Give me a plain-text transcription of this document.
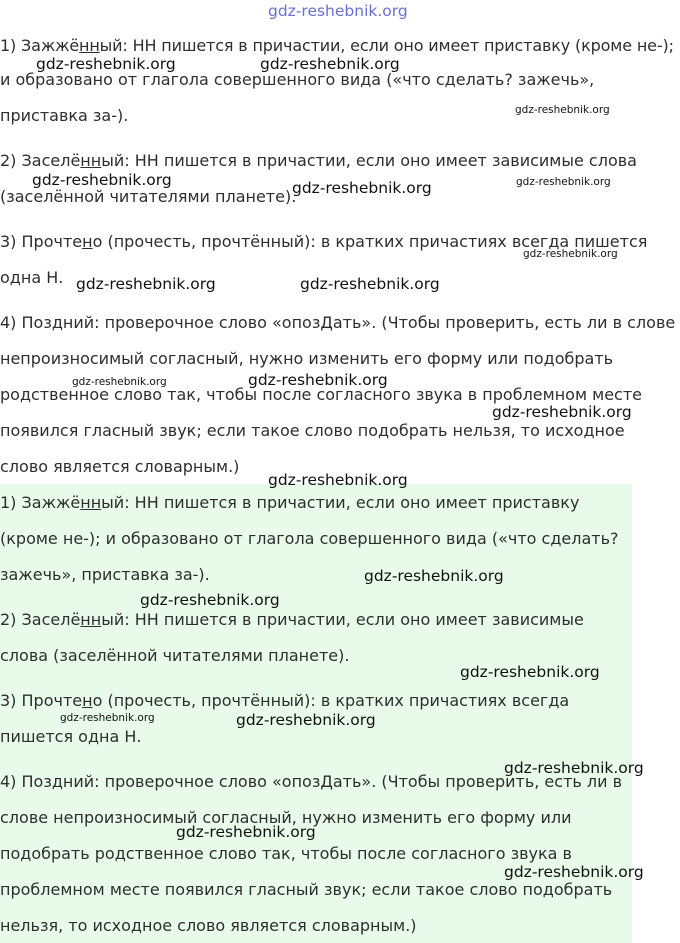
1) Зажжённый: НН пишется в причастии, если оно имеет приставку (кроме не-);

и образовано от глагола совершенного вида («что сделать? зажечь»,

приставка за-).

2) Заселённый: НН пишется в причастии, если оно имеет зависимые слова

(заселённой читателями планете).

3) Прочтено (прочесть, прочтённый): в кратких причастиях всегда пишется

одна Н.

4) Поздний: проверочное слово «опозДать». (Чтобы проверить, есть ли в слове

непроизносимый согласный, нужно изменить его форму или подобрать

родственное слово так, чтобы после согласного звука в проблемном месте

появился гласный звук; если такое слово подобрать нельзя, то исходное

слово является словарным.)

1) Зажжённый: НН пишется в причастии, если оно имеет приставку

(кроме не-); и образовано от глагола совершенного вида («что сделать?

зажечь», приставка за-).

2) Заселённый: НН пишется в причастии, если оно имеет зависимые

слова (заселённой читателями планете).

3) Прочтено (прочесть, прочтённый): в кратких причастиях всегда

пишется одна Н.

4) Поздний: проверочное слово «опозДать». (Чтобы проверить, есть ли в

слове непроизносимый согласный, нужно изменить его форму или

подобрать родственное слово так, чтобы после согласного звука в

проблемном месте появился гласный звук; если такое слово подобрать

нельзя, то исходное слово является словарным.)

gdz-reshebnik.org
gdz-reshebnik.org	gdz-reshebnik.org
gdz-reshebnik.org
gdz-reshebnik.org	gdz-reshebnik.org	gdz-reshebnik.org
gdz-reshebnik.org
gdz-reshebnik.org	gdz-reshebnik.org
gdz-reshebnik.org	gdz-reshebnik.org
gdz-reshebnik.org
gdz-reshebnik.org
gdz-reshebnik.org
gdz-reshebnik.org
gdz-reshebnik.org
gdz-reshebnik.org	gdz-reshebnik.org
gdz-reshebnik.org
gdz-reshebnik.org
gdz-reshebnik.org
